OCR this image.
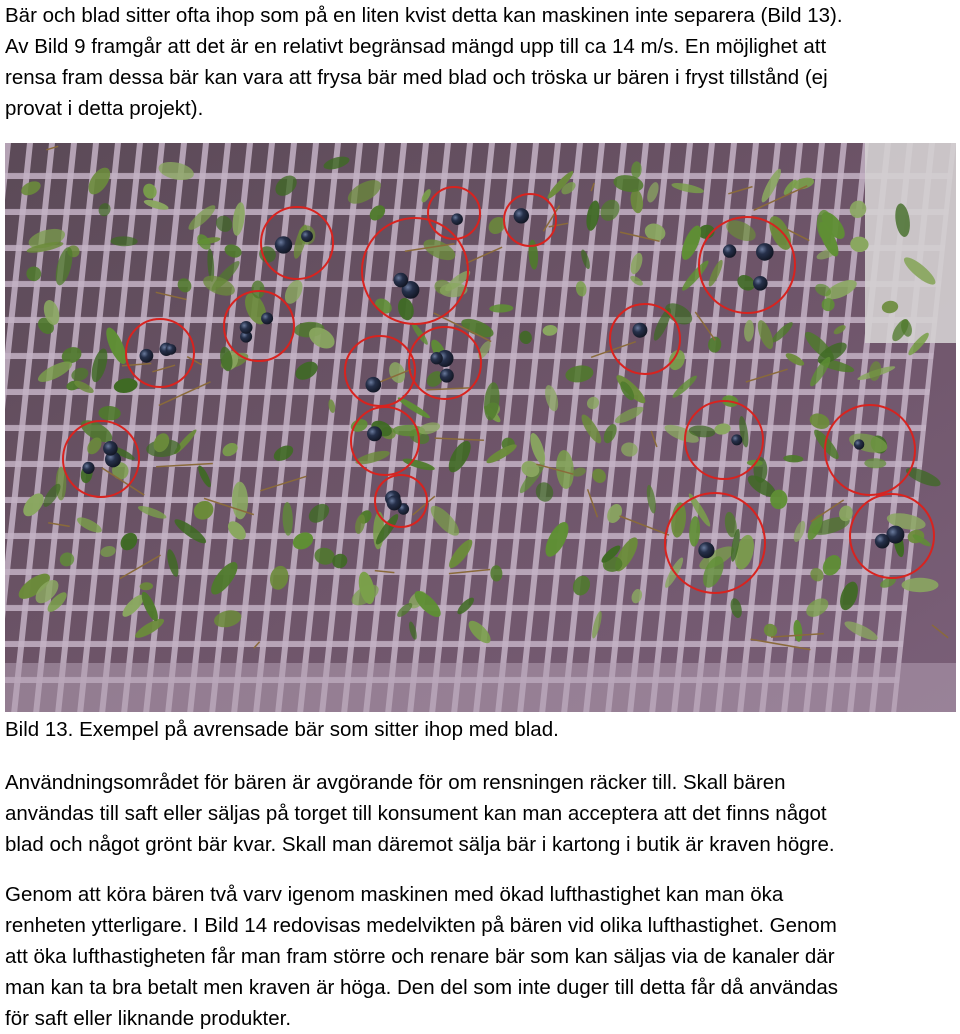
Bär och blad sitter ofta ihop som på en liten kvist detta kan maskinen inte separera (Bild 13).
Av Bild 9 framgår att det är en relativt begränsad mängd upp till ca 14 m/s. En möjlighet att
rensa fram dessa bär kan vara att frysa bär med blad och tröska ur bären i fryst tillstånd (ej
provat i detta projekt).

Bild 13. Exempel på avrensade bär som sitter ihop med blad.

Användningsområdet för bären är avgörande för om rensningen räcker till. Skall bären
användas till saft eller säljas på torget till konsument kan man acceptera att det finns något
blad och något grönt bär kvar. Skall man däremot sälja bär i kartong i butik är kraven högre.

Genom att köra bären två varv igenom maskinen med ökad lufthastighet kan man öka
renheten ytterligare. I Bild 14 redovisas medelvikten på bären vid olika lufthastighet. Genom
att öka lufthastigheten får man fram större och renare bär som kan säljas via de kanaler där
man kan ta bra betalt men kraven är höga. Den del som inte duger till detta får då användas
för saft eller liknande produkter.
